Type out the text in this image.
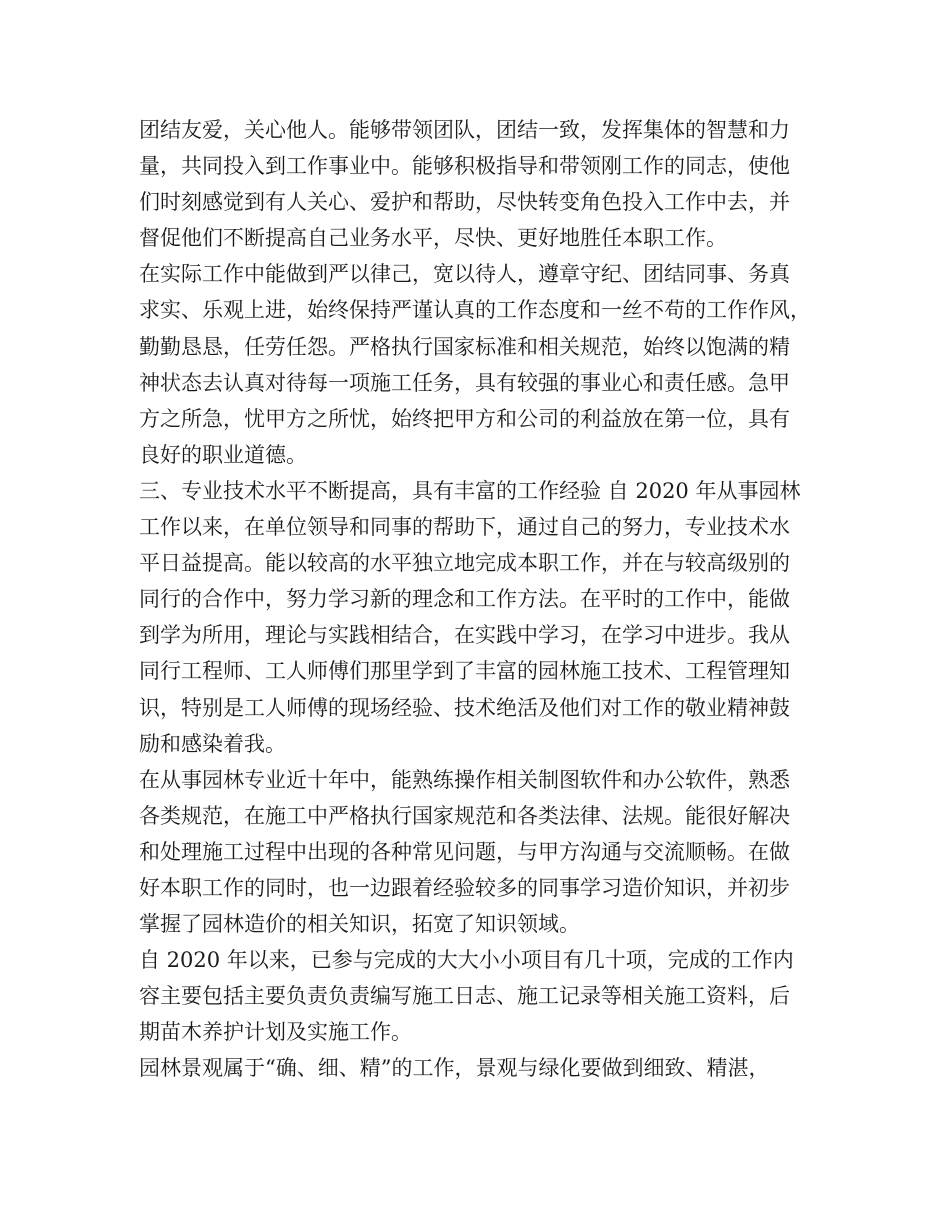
团结友爱，关心他人。能够带领团队，团结一致，发挥集体的智慧和力
量，共同投入到工作事业中。能够积极指导和带领刚工作的同志，使他
们时刻感觉到有人关心、爱护和帮助，尽快转变角色投入工作中去，并
督促他们不断提高自己业务水平，尽快、更好地胜任本职工作。
在实际工作中能做到严以律己，宽以待人，遵章守纪、团结同事、务真
求实、乐观上进，始终保持严谨认真的工作态度和一丝不苟的工作作风，
勤勤恳恳，任劳任怨。严格执行国家标准和相关规范，始终以饱满的精
神状态去认真对待每一项施工任务，具有较强的事业心和责任感。急甲
方之所急，忧甲方之所忧，始终把甲方和公司的利益放在第一位，具有
良好的职业道德。
三、专业技术水平不断提高，具有丰富的工作经验 自 2020 年从事园林
工作以来，在单位领导和同事的帮助下，通过自己的努力，专业技术水
平日益提高。能以较高的水平独立地完成本职工作，并在与较高级别的
同行的合作中，努力学习新的理念和工作方法。在平时的工作中，能做
到学为所用，理论与实践相结合，在实践中学习，在学习中进步。我从
同行工程师、工人师傅们那里学到了丰富的园林施工技术、工程管理知
识，特别是工人师傅的现场经验、技术绝活及他们对工作的敬业精神鼓
励和感染着我。
在从事园林专业近十年中，能熟练操作相关制图软件和办公软件，熟悉
各类规范，在施工中严格执行国家规范和各类法律、法规。能很好解决
和处理施工过程中出现的各种常见问题，与甲方沟通与交流顺畅。在做
好本职工作的同时，也一边跟着经验较多的同事学习造价知识，并初步
掌握了园林造价的相关知识，拓宽了知识领域。
自 2020 年以来，已参与完成的大大小小项目有几十项，完成的工作内
容主要包括主要负责负责编写施工日志、施工记录等相关施工资料，后
期苗木养护计划及实施工作。
园林景观属于“确、细、精”的工作，景观与绿化要做到细致、精湛，
